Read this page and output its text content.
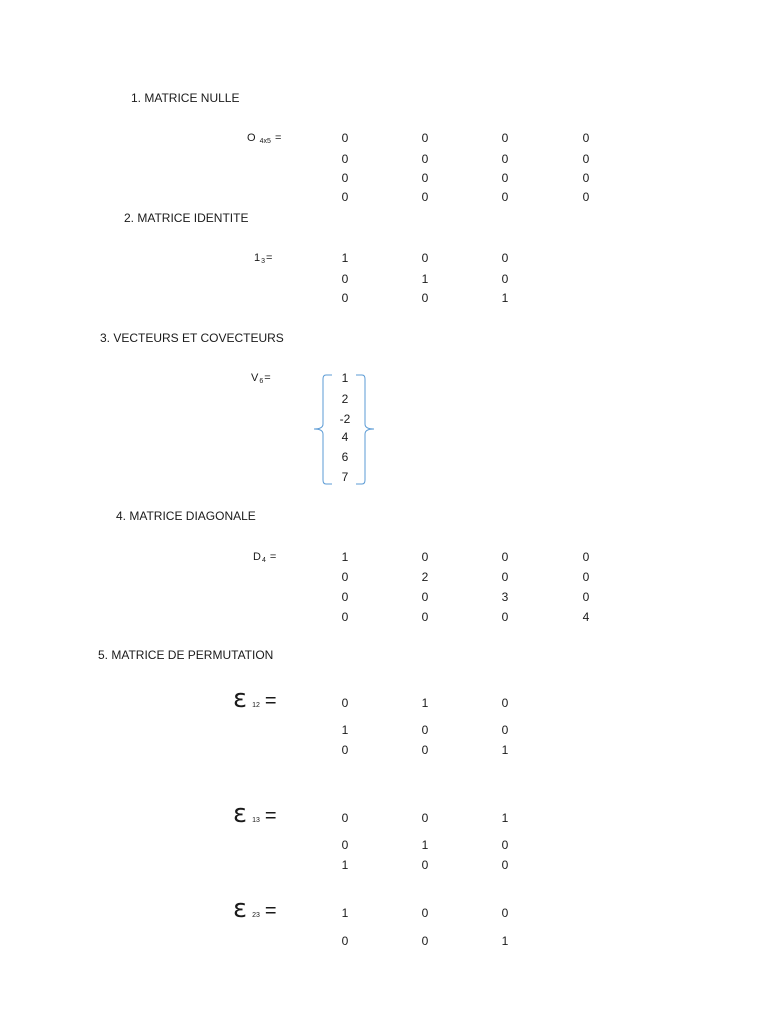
1. MATRICE NULLE
O $_{4x5}$ =	0	0	0	0
0	0	0	0
0	0	0	0
0	0	0	0
2. MATRICE IDENTITE
$1_3=$	1	0	0
0	1	0
0	0	1
3. VECTEURS ET COVECTEURS
$V_6=$	1
2
-2
4
6
7
4. MATRICE DIAGONALE
$D_4$ =	1	0	0	0
0	2	0	0
0	0	3	0
0	0	0	4
5. MATRICE DE PERMUTATION
ɛ 12 =	0	1	0
1	0	0
0	0	1
ɛ 13 =	0	0	1
0	1	0
1	0	0
ɛ 23 =	1	0	0
0	0	1
